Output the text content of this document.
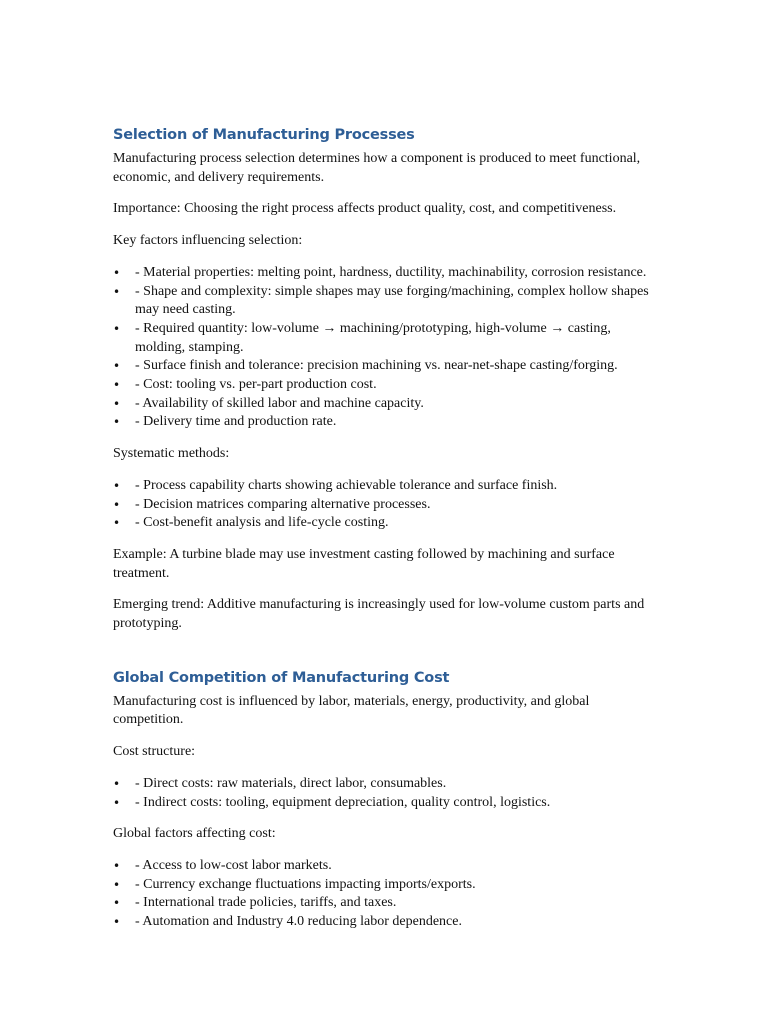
Selection of Manufacturing Processes

Manufacturing process selection determines how a component is produced to meet functional, economic, and delivery requirements.

Importance: Choosing the right process affects product quality, cost, and competitiveness.

Key factors influencing selection:

• - Material properties: melting point, hardness, ductility, machinability, corrosion resistance.
• - Shape and complexity: simple shapes may use forging/machining, complex hollow shapes may need casting.
• - Required quantity: low-volume → machining/prototyping, high-volume → casting, molding, stamping.
• - Surface finish and tolerance: precision machining vs. near-net-shape casting/forging.
• - Cost: tooling vs. per-part production cost.
• - Availability of skilled labor and machine capacity.
• - Delivery time and production rate.

Systematic methods:

• - Process capability charts showing achievable tolerance and surface finish.
• - Decision matrices comparing alternative processes.
• - Cost-benefit analysis and life-cycle costing.

Example: A turbine blade may use investment casting followed by machining and surface treatment.

Emerging trend: Additive manufacturing is increasingly used for low-volume custom parts and prototyping.

Global Competition of Manufacturing Cost

Manufacturing cost is influenced by labor, materials, energy, productivity, and global competition.

Cost structure:

• - Direct costs: raw materials, direct labor, consumables.
• - Indirect costs: tooling, equipment depreciation, quality control, logistics.

Global factors affecting cost:

• - Access to low-cost labor markets.
• - Currency exchange fluctuations impacting imports/exports.
• - International trade policies, tariffs, and taxes.
• - Automation and Industry 4.0 reducing labor dependence.
